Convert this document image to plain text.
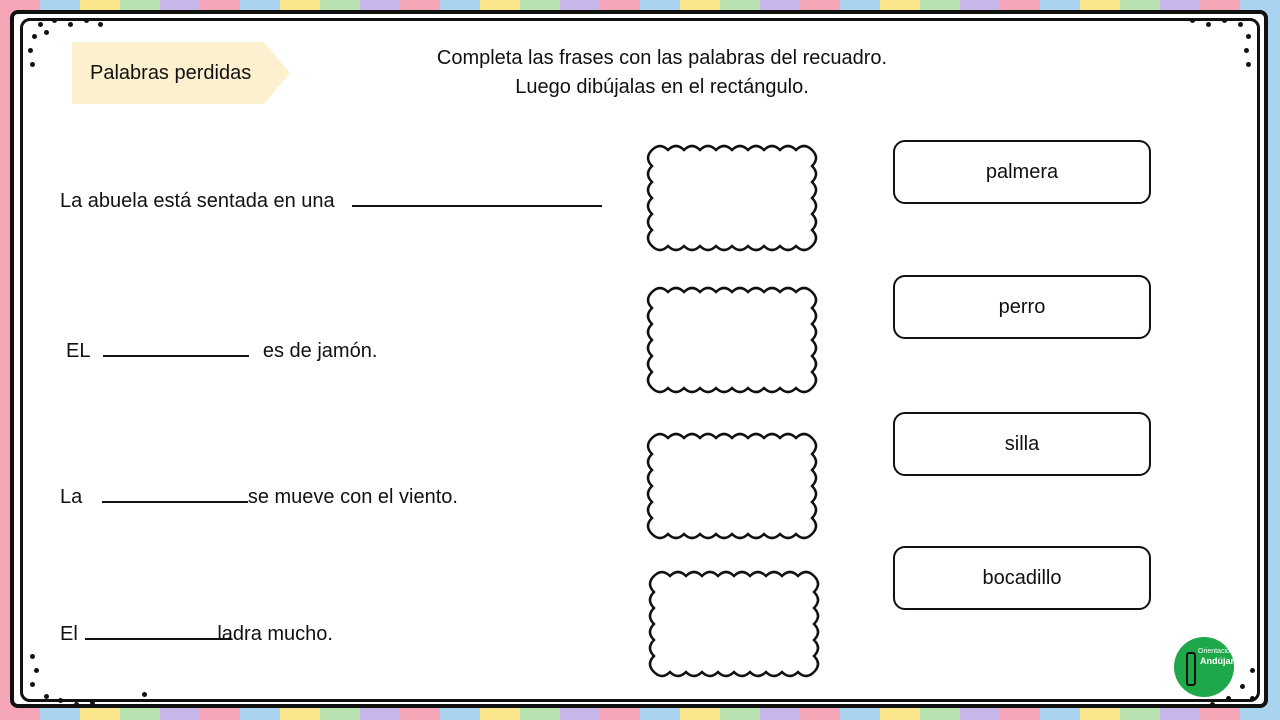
Palabras perdidas
Completa las frases con las palabras del recuadro.
Luego dibújalas en el rectángulo.
La abuela está sentada en una
EL	es de jamón.
La	se mueve con el viento.
El	ladra mucho.
palmera
perro
silla
bocadillo
Orientación
Andújar
